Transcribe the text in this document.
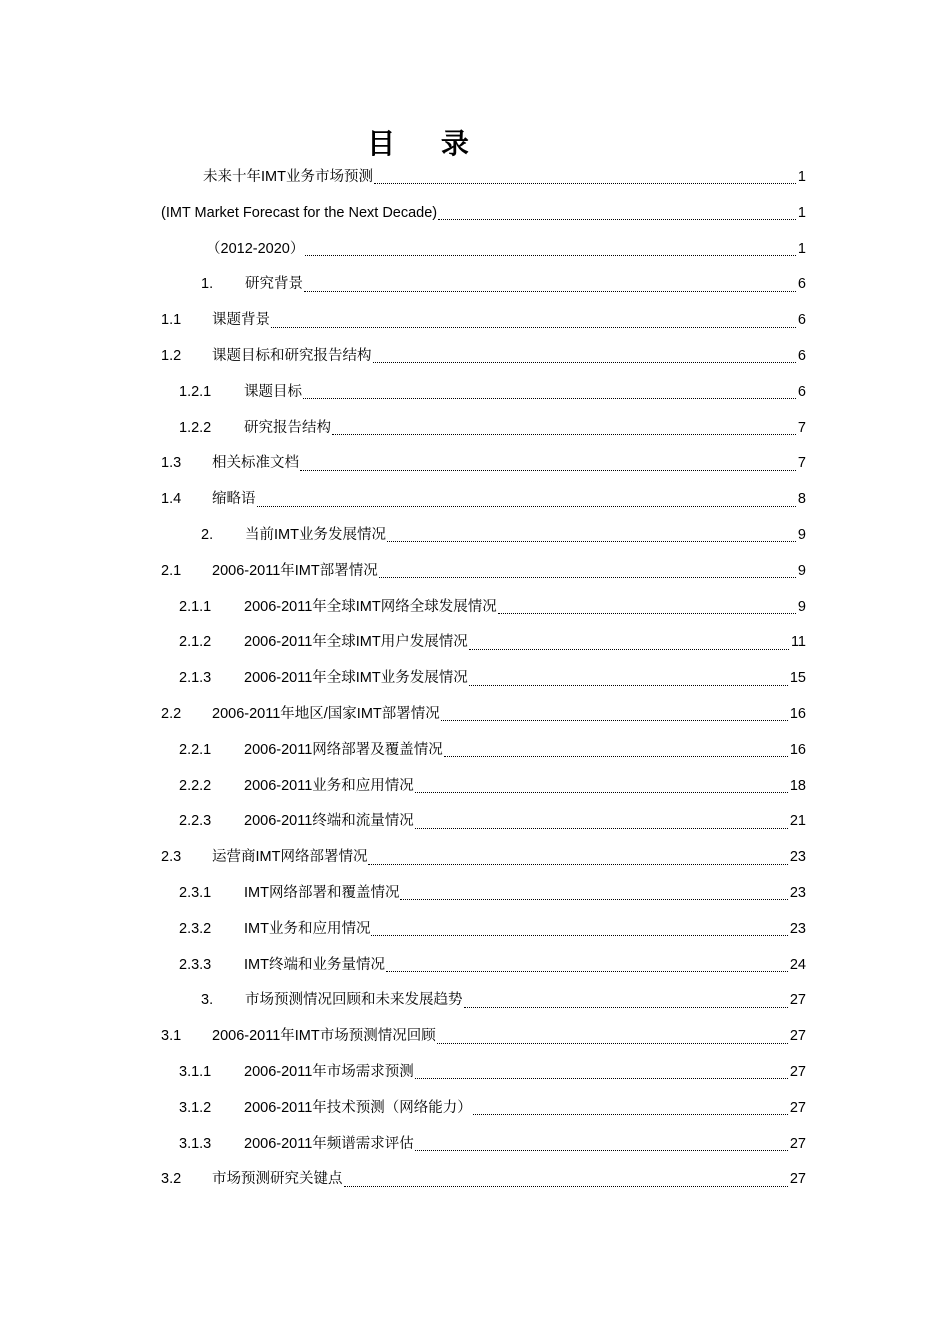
目 录
未来十年IMT业务市场预测	1
(IMT Market Forecast for the Next Decade)	1
（2012-2020）	1
1.	研究背景	6
1.1	课题背景	6
1.2	课题目标和研究报告结构	6
1.2.1	课题目标	6
1.2.2	研究报告结构	7
1.3	相关标准文档	7
1.4	缩略语	8
2.	当前IMT业务发展情况	9
2.1	2006-2011年IMT部署情况	9
2.1.1	2006-2011年全球IMT网络全球发展情况	9
2.1.2	2006-2011年全球IMT用户发展情况	11
2.1.3	2006-2011年全球IMT业务发展情况	15
2.2	2006-2011年地区/国家IMT部署情况	16
2.2.1	2006-2011网络部署及覆盖情况	16
2.2.2	2006-2011业务和应用情况	18
2.2.3	2006-2011终端和流量情况	21
2.3	运营商IMT网络部署情况	23
2.3.1	IMT网络部署和覆盖情况	23
2.3.2	IMT业务和应用情况	23
2.3.3	IMT终端和业务量情况	24
3.	市场预测情况回顾和未来发展趋势	27
3.1	2006-2011年IMT市场预测情况回顾	27
3.1.1	2006-2011年市场需求预测	27
3.1.2	2006-2011年技术预测（网络能力）	27
3.1.3	2006-2011年频谱需求评估	27
3.2	市场预测研究关键点	27
